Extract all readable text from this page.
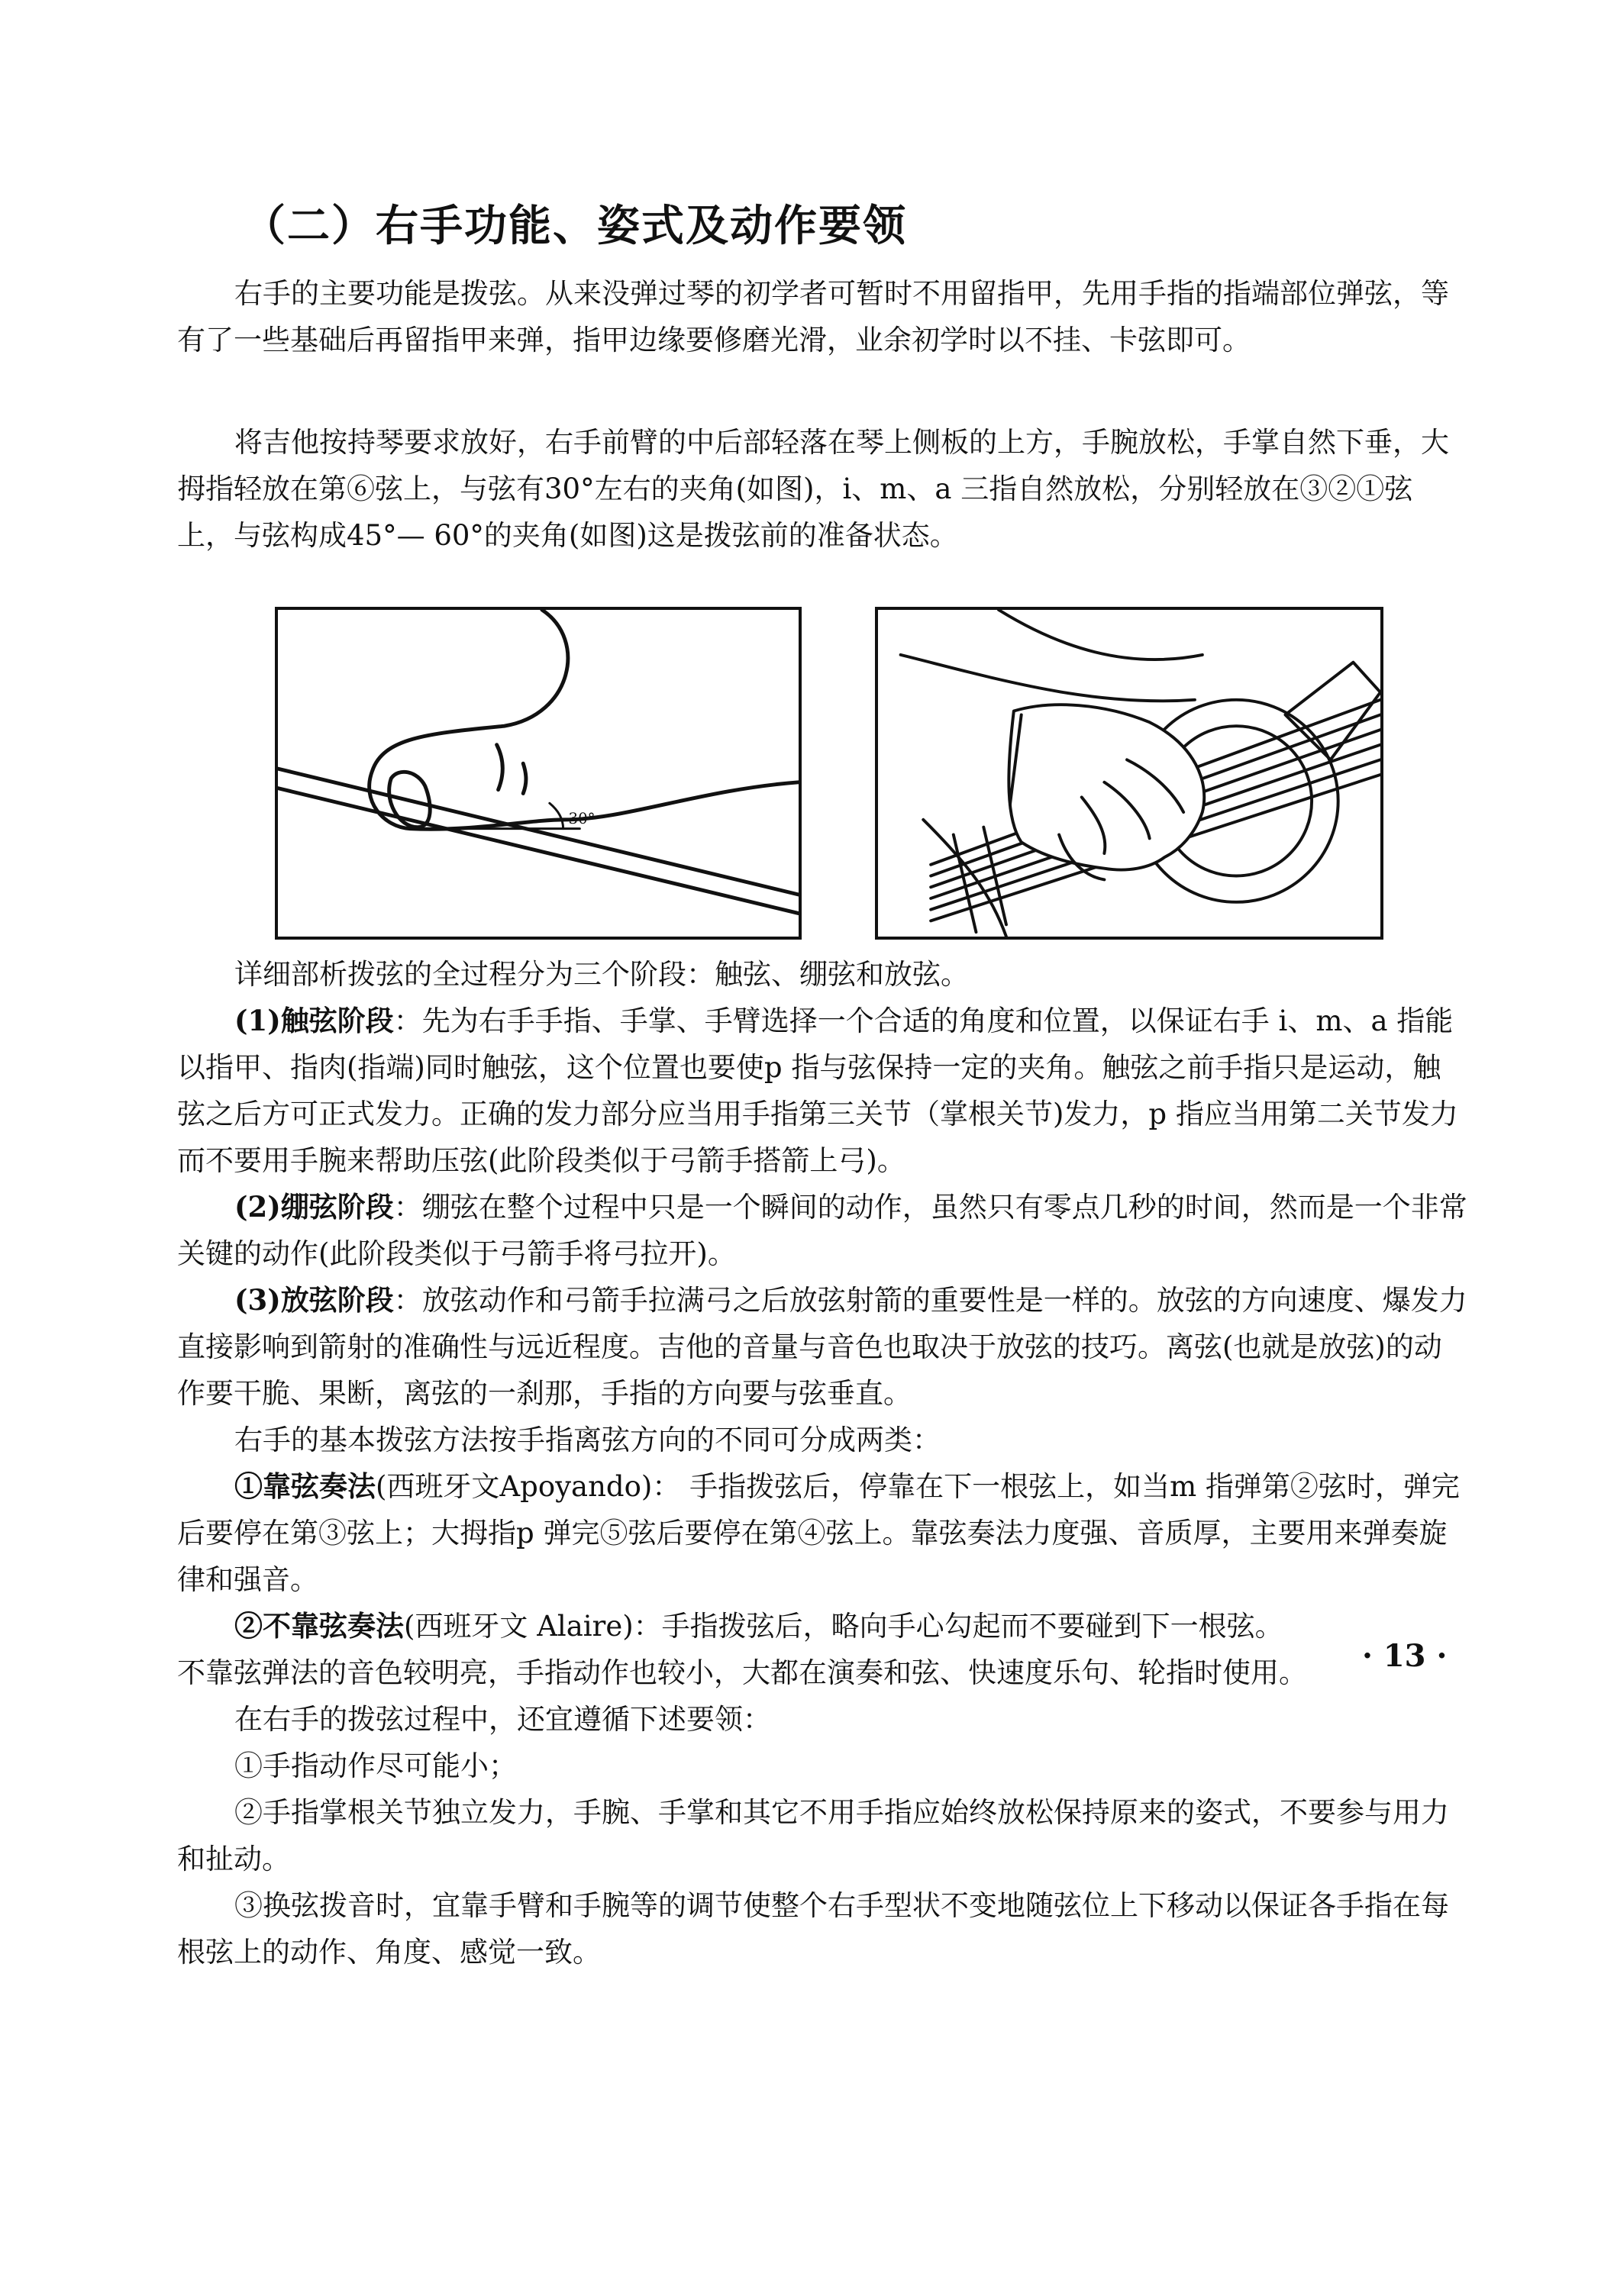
（二）右手功能、姿式及动作要领

右手的主要功能是拨弦。从来没弹过琴的初学者可暂时不用留指甲，先用手指的指端部位弹弦，等有了一些基础后再留指甲来弹，指甲边缘要修磨光滑，业余初学时以不挂、卡弦即可。

将吉他按持琴要求放好，右手前臂的中后部轻落在琴上侧板的上方，手腕放松，手掌自然下垂，大拇指轻放在第⑥弦上，与弦有30°左右的夹角(如图)，i、m、a 三指自然放松，分别轻放在③②①弦上，与弦构成45°— 60°的夹角(如图)这是拨弦前的准备状态。

30°

详细部析拨弦的全过程分为三个阶段：触弦、绷弦和放弦。

(1)触弦阶段：先为右手手指、手掌、手臂选择一个合适的角度和位置，以保证右手 i、m、a 指能以指甲、指肉(指端)同时触弦，这个位置也要使p 指与弦保持一定的夹角。触弦之前手指只是运动，触弦之后方可正式发力。正确的发力部分应当用手指第三关节（掌根关节)发力，p 指应当用第二关节发力而不要用手腕来帮助压弦(此阶段类似于弓箭手搭箭上弓)。

(2)绷弦阶段：绷弦在整个过程中只是一个瞬间的动作，虽然只有零点几秒的时间，然而是一个非常关键的动作(此阶段类似于弓箭手将弓拉开)。

(3)放弦阶段：放弦动作和弓箭手拉满弓之后放弦射箭的重要性是一样的。放弦的方向速度、爆发力直接影响到箭射的准确性与远近程度。吉他的音量与音色也取决于放弦的技巧。离弦(也就是放弦)的动作要干脆、果断，离弦的一刹那，手指的方向要与弦垂直。

右手的基本拨弦方法按手指离弦方向的不同可分成两类：

①靠弦奏法(西班牙文Apoyando)： 手指拨弦后，停靠在下一根弦上，如当m 指弹第②弦时，弹完后要停在第③弦上；大拇指p 弹完⑤弦后要停在第④弦上。靠弦奏法力度强、音质厚，主要用来弹奏旋律和强音。

②不靠弦奏法(西班牙文 Alaire)：手指拨弦后，略向手心勾起而不要碰到下一根弦。

不靠弦弹法的音色较明亮，手指动作也较小，大都在演奏和弦、快速度乐句、轮指时使用。

在右手的拨弦过程中，还宜遵循下述要领：

①手指动作尽可能小；

②手指掌根关节独立发力，手腕、手掌和其它不用手指应始终放松保持原来的姿式，不要参与用力和扯动。

③换弦拨音时，宜靠手臂和手腕等的调节使整个右手型状不变地随弦位上下移动以保证各手指在每根弦上的动作、角度、感觉一致。

· 13 ·
